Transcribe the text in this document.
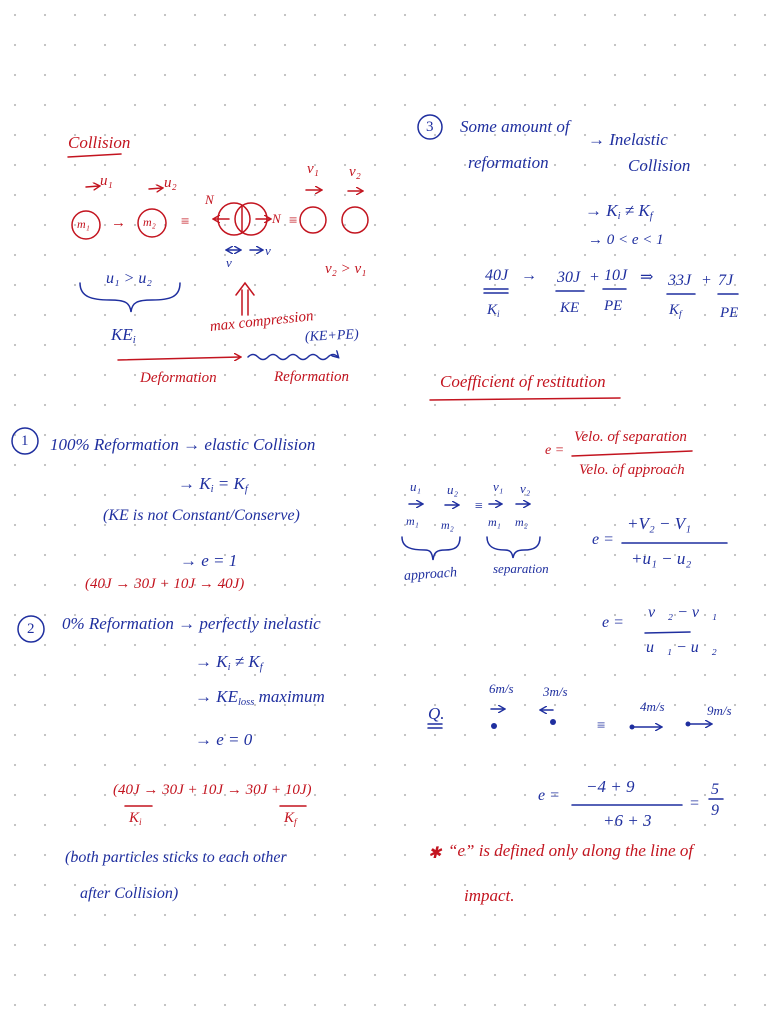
Collision
u₁	u₂
m₁ → m₂ ≡
N
N
v
v
≡
v₁ v₂
u₁ > u₂
$KE_i$
max compression
(KE+PE)
v₂ > v₁
Deformation	Reformation
1 100% Reformation → elastic Collision
→ $K_i = K_f$
(KE is not Constant/Conserve)
→ e = 1
(40J → 30J + 10J → 40J)
2 0% Reformation → perfectly inelastic
→ $K_i \ne K_f$
→ $KE_{loss}$ maximum
→ e = 0
(40J → 30J + 10J → 30J + 10J)
$K_i$	$K_f$
(both particles sticks to each other
after Collision)
3 Some amount of
→ Inelastic
reformation	Collision
→ $K_i \ne K_f$
→ 0 < e < 1
40J → 30J + 10J ⇒ 33J + 7J
$K_i$	KE PE	$K_f$	PE
Coefficient of restitution
e =
Velo. of separation
Velo. of approach
u₁ u₂
m₁ m₂
≡
v₁ v₂
m₁ m₂
approach	separation
e =
+V₂ − V₁
+u₁ − u₂
e =
v⃗₂ − v⃗₁
u⃗₁ − u⃗₂
Q.
6m/s 3m/s
≡
4m/s	9m/s
e = −4 + 9
+6 + 3
=
5
9
✱ “e” is defined only along the line of
impact.
